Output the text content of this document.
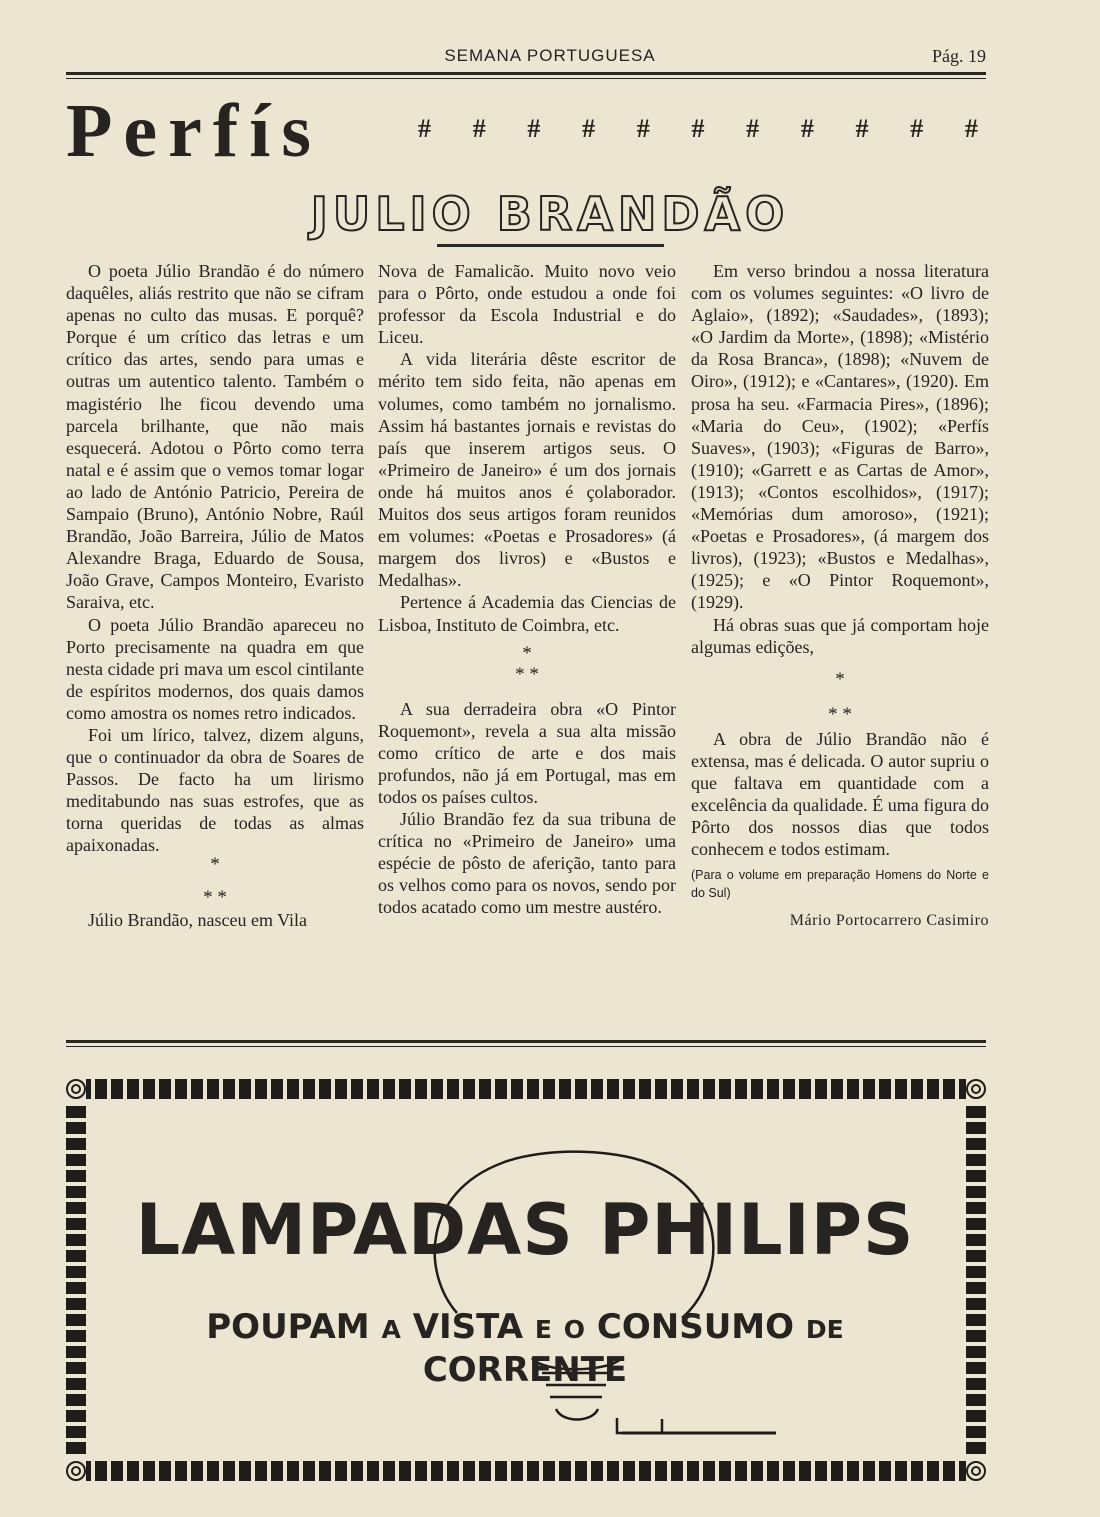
SEMANA PORTUGUESA	Pág. 19
Perfís	# # # # # # # # # # #
JULIO BRANDÃO

O poeta Júlio Brandão é do número daquêles, aliás restrito que não se cifram apenas no culto das musas. E porquê? Porque é um crítico das letras e um crítico das artes, sendo para umas e outras um autentico talento. Também o magistério lhe ficou devendo uma parcela brilhante, que não mais esquecerá. Adotou o Pôrto como terra natal e é assim que o vemos tomar logar ao lado de António Patricio, Pereira de Sampaio (Bruno), António Nobre, Raúl Brandão, João Barreira, Júlio de Matos Alexandre Braga, Eduardo de Sousa, João Grave, Campos Monteiro, Evaristo Saraiva, etc.

O poeta Júlio Brandão apareceu no Porto precisamente na quadra em que nesta cidade pri mava um escol cintilante de espíritos modernos, dos quais damos como amostra os nomes retro indicados.

Foi um lírico, talvez, dizem alguns, que o continuador da obra de Soares de Passos. De facto ha um lirismo meditabundo nas suas estrofes, que as torna queridas de todas as almas apaixonadas.

*
* *

Júlio Brandão, nasceu em Vila

Nova de Famalicão. Muito novo veio para o Pôrto, onde estudou a onde foi professor da Escola Industrial e do Liceu.

A vida literária dêste escritor de mérito tem sido feita, não apenas em volumes, como também no jornalismo. Assim há bastantes jornais e revistas do país que inserem artigos seus. O «Primeiro de Janeiro» é um dos jornais onde há muitos anos é çolaborador. Muitos dos seus artigos foram reunidos em volumes: «Poetas e Prosadores» (á margem dos livros) e «Bustos e Medalhas».

Pertence á Academia das Ciencias de Lisboa, Instituto de Coimbra, etc.

*
* *

A sua derradeira obra «O Pintor Roquemont», revela a sua alta missão como crítico de arte e dos mais profundos, não já em Portugal, mas em todos os países cultos.

Júlio Brandão fez da sua tribuna de crítica no «Primeiro de Janeiro» uma espécie de pôsto de aferição, tanto para os velhos como para os novos, sendo por todos acatado como um mestre austéro.

Em verso brindou a nossa literatura com os volumes seguintes: «O livro de Aglaio», (1892); «Saudades», (1893); «O Jardim da Morte», (1898); «Mistério da Rosa Branca», (1898); «Nuvem de Oiro», (1912); e «Cantares», (1920). Em prosa ha seu. «Farmacia Pires», (1896); «Maria do Ceu», (1902); «Perfís Suaves», (1903); «Figuras de Barro», (1910); «Garrett e as Cartas de Amor», (1913); «Contos escolhidos», (1917); «Memórias dum amoroso», (1921); «Poetas e Prosadores», (á margem dos livros), (1923); «Bustos e Medalhas», (1925); e «O Pintor Roquemont», (1929).

Há obras suas que já comportam hoje algumas edições,

*
* *

A obra de Júlio Brandão não é extensa, mas é delicada. O autor supriu o que faltava em quantidade com a excelência da qualidade. É uma figura do Pôrto dos nossos dias que todos conhecem e todos estimam.

(Para o volume em preparação Homens do Norte e do Sul)
Mário Portocarrero Casimiro
LAMPADAS PHILIPS
POUPAM A VISTA E O CONSUMO DE CORRENTE
